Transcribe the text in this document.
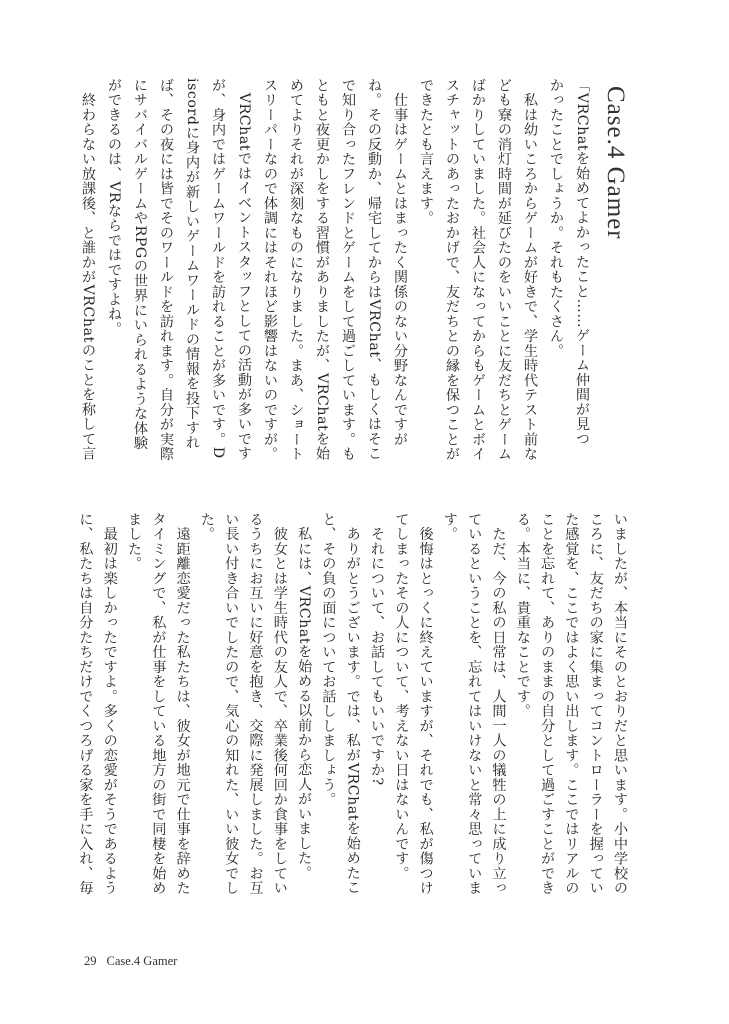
Case.4 Gamer
「VRChatを始めてよかったこと……ゲーム仲間が見つ
かったことでしょうか。それもたくさん。
　私は幼いころからゲームが好きで、学生時代テスト前な
ども寮の消灯時間が延びたのをいいことに友だちとゲーム
ばかりしていました。社会人になってからもゲームとボイ
スチャットのあったおかげで、友だちとの縁を保つことが
できたとも言えます。
　仕事はゲームとはまったく関係のない分野なんですが
ね。その反動か、帰宅してからはVRChat、もしくはそこ
で知り合ったフレンドとゲームをして過ごしています。も
ともと夜更かしをする習慣がありましたが、VRChatを始
めてよりそれが深刻なものになりました。まあ、ショート
スリーパーなので体調にはそれほど影響はないのですが。
　VRChatではイベントスタッフとしての活動が多いです
が、身内ではゲームワールドを訪れることが多いです。D
iscordに身内が新しいゲームワールドの情報を投下すれ
ば、その夜には皆でそのワールドを訪れます。自分が実際
にサバイバルゲームやRPGの世界にいられるような体験
ができるのは、VRならではですよね。
　終わらない放課後、と誰かがVRChatのことを称して言
いましたが、本当にそのとおりだと思います。小中学校の
ころに、友だちの家に集まってコントローラーを握ってい
た感覚を、ここではよく思い出します。ここではリアルの
ことを忘れて、ありのままの自分として過ごすことができ
る。本当に、貴重なことです。
　ただ、今の私の日常は、人間一人の犠牲の上に成り立っ
ているということを、忘れてはいけないと常々思っていま
す。
　後悔はとっくに終えていますが、それでも、私が傷つけ
てしまったその人について、考えない日はないんです。
　それについて、お話してもいいですか?
　ありがとうございます。では、私がVRChatを始めたこ
と、その負の面についてお話ししましょう。
　私には、VRChatを始める以前から恋人がいました。
　彼女とは学生時代の友人で、卒業後何回か食事をしてい
るうちにお互いに好意を抱き、交際に発展しました。お互
い長い付き合いでしたので、気心の知れた、いい彼女でし
た。
　遠距離恋愛だった私たちは、彼女が地元で仕事を辞めた
タイミングで、私が仕事をしている地方の街で同棲を始め
ました。
　最初は楽しかったですよ。多くの恋愛がそうであるよう
に、私たちは自分たちだけでくつろげる家を手に入れ、毎
29 Case.4 Gamer
